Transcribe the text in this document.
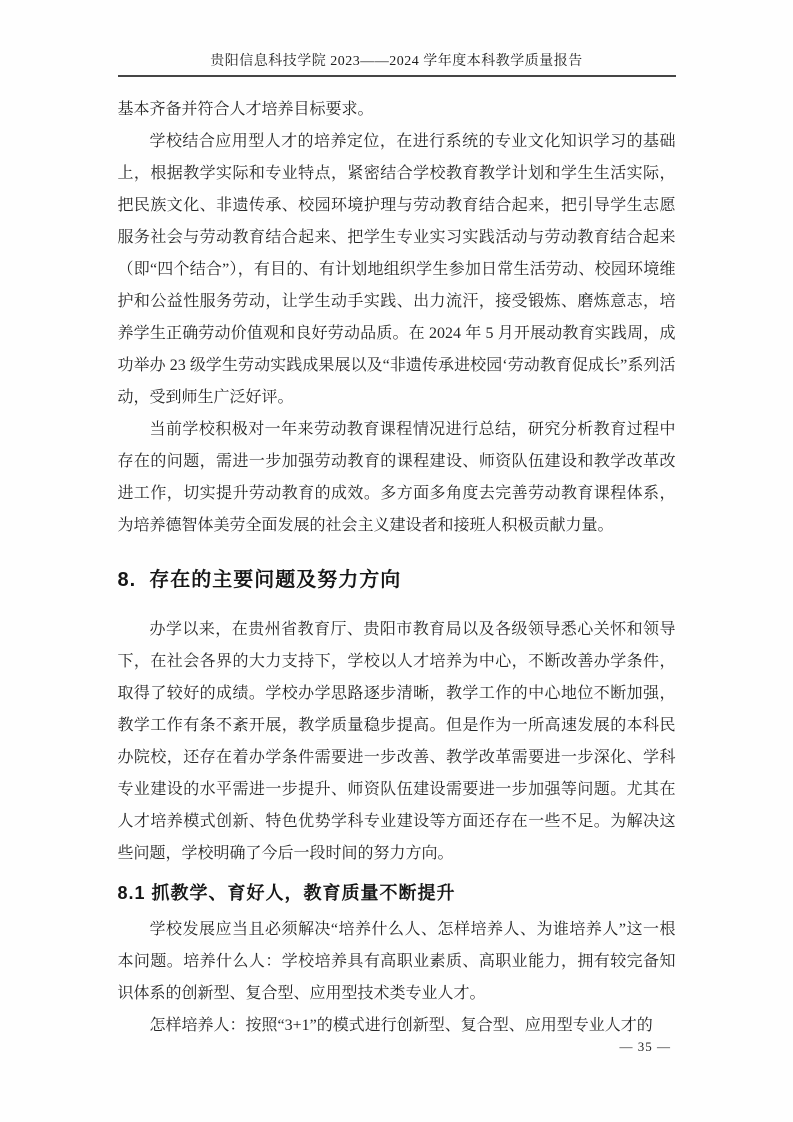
贵阳信息科技学院 2023——2024 学年度本科教学质量报告

基本齐备并符合人才培养目标要求。

学校结合应用型人才的培养定位，在进行系统的专业文化知识学习的基础上，根据教学实际和专业特点，紧密结合学校教育教学计划和学生生活实际，把民族文化、非遗传承、校园环境护理与劳动教育结合起来，把引导学生志愿服务社会与劳动教育结合起来、把学生专业实习实践活动与劳动教育结合起来（即“四个结合”），有目的、有计划地组织学生参加日常生活劳动、校园环境维护和公益性服务劳动，让学生动手实践、出力流汗，接受锻炼、磨炼意志，培养学生正确劳动价值观和良好劳动品质。在 2024 年 5 月开展动教育实践周，成功举办 23 级学生劳动实践成果展以及“非遗传承进校园‘劳动教育促成长”系列活动，受到师生广泛好评。

当前学校积极对一年来劳动教育课程情况进行总结，研究分析教育过程中存在的问题，需进一步加强劳动教育的课程建设、师资队伍建设和教学改革改进工作，切实提升劳动教育的成效。多方面多角度去完善劳动教育课程体系，为培养德智体美劳全面发展的社会主义建设者和接班人积极贡献力量。

8.  存在的主要问题及努力方向

办学以来，在贵州省教育厅、贵阳市教育局以及各级领导悉心关怀和领导下，在社会各界的大力支持下，学校以人才培养为中心，不断改善办学条件，取得了较好的成绩。学校办学思路逐步清晰，教学工作的中心地位不断加强，教学工作有条不紊开展，教学质量稳步提高。但是作为一所高速发展的本科民办院校，还存在着办学条件需要进一步改善、教学改革需要进一步深化、学科专业建设的水平需进一步提升、师资队伍建设需要进一步加强等问题。尤其在人才培养模式创新、特色优势学科专业建设等方面还存在一些不足。为解决这些问题，学校明确了今后一段时间的努力方向。

8.1 抓教学、育好人，教育质量不断提升

学校发展应当且必须解决“培养什么人、怎样培养人、为谁培养人”这一根本问题。培养什么人：学校培养具有高职业素质、高职业能力，拥有较完备知识体系的创新型、复合型、应用型技术类专业人才。

怎样培养人：按照“3+1”的模式进行创新型、复合型、应用型专业人才的

— 35 —
